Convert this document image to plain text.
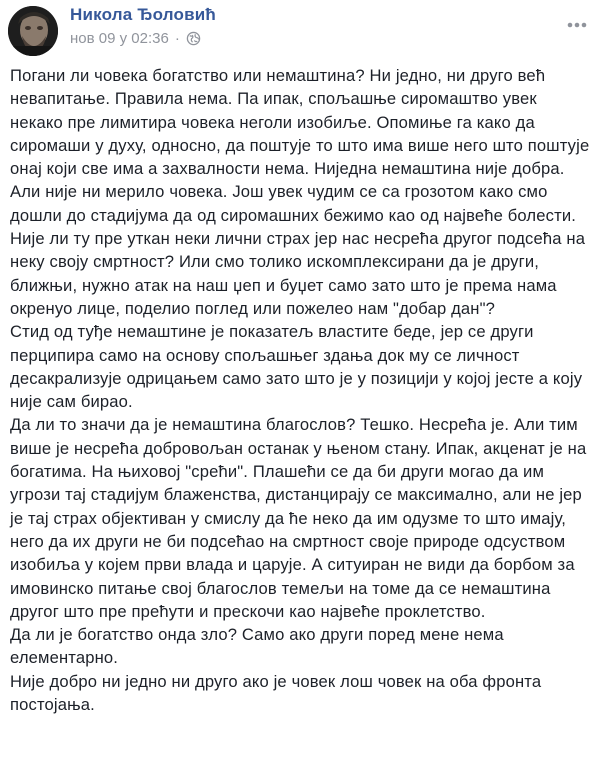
Никола Ђоловић
нов 09 у 02:36 ·

Погани ли човека богатство или немаштина? Ни једно, ни друго већ невапитање. Правила нема. Па ипак, спољашње сиромаштво увек некако пре лимитира човека неголи изобиље. Опомиње га како да сиромаши у духу, односно, да поштује то што има више него што поштује онај који све има а захвалности нема. Ниједна немаштина није добра. Али није ни мерило човека. Још увек чудим се са грозотом како смо дошли до стадијума да од сиромашних бежимо као од највеће болести. Није ли ту пре уткан неки лични страх јер нас несрећа другог подсећа на неку своју смртност? Или смо толико искомплексирани да је други, ближњи, нужно атак на наш џеп и буџет само зато што је према нама окренуо лице, поделио поглед или пожелео нам "добар дан"?

Стид од туђе немаштине је показатељ властите беде, јер се други перципира само на основу спољашњег здања док му се личност десакрализује одрицањем само зато што је у позицији у којој јесте а коју није сам бирао.

Да ли то значи да је немаштина благослов? Тешко. Несрећа је. Али тим више је несрећа добровољан останак у њеном стану. Ипак, акценат је на богатима. На њиховој "срећи". Плашећи се да би други могао да им угрози тај стадијум блаженства, дистанцирају се максимално, али не јер је тај страх објективан у смислу да ће неко да им одузме то што имају, него да их други не би подсећао на смртност своје природе одсуством изобиља у којем први влада и царује. А ситуиран не види да борбом за имовинско питање свој благослов темељи на томе да се немаштина другог што пре прећути и прескочи као највеће проклетство.

Да ли је богатство онда зло? Само ако други поред мене нема елементарно.

Није добро ни једно ни друго ако је човек лош човек на оба фронта постојања.
